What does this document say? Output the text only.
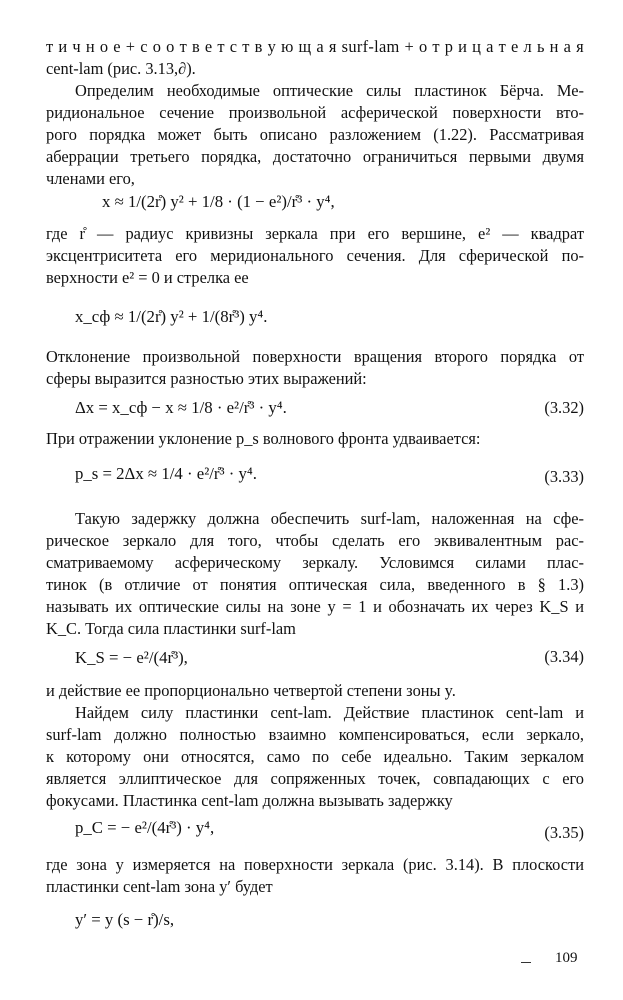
т и ч н о е + с о о т в е т с т в у ю щ а я surf-lam + о т р и ц а т е л ь н а я
cent-lam (рис. 3.13,∂).
Определим необходимые оптические силы пластинок Бёрча. Ме-
ридиональное сечение произвольной асферической поверхности вто-
рого порядка может быть описано разложением (1.22). Рассматривая
аберрации третьего порядка, достаточно ограничиться первыми двумя
членами его,
x ≈ 1/(2r̊) y² + 1/8 · (1 − e²)/r̊³ · y⁴,
где r̊ — радиус кривизны зеркала при его вершине, e² — квадрат
эксцентриситета его меридионального сечения. Для сферической по-
верхности e² = 0 и стрелка ее
x_сф ≈ 1/(2r̊) y² + 1/(8r̊³) y⁴.
Отклонение произвольной поверхности вращения второго порядка от
сферы выразится разностью этих выражений:
Δx = x_сф − x ≈ 1/8 · e²/r̊³ · y⁴.	(3.32)
При отражении уклонение p_s волнового фронта удваивается:
p_s = 2Δx ≈ 1/4 · e²/r̊³ · y⁴.	(3.33)
Такую задержку должна обеспечить surf-lam, наложенная на сфе-
рическое зеркало для того, чтобы сделать его эквивалентным рас-
сматриваемому асферическому зеркалу. Условимся силами плас-
тинок (в отличие от понятия оптическая сила, введенного в § 1.3)
называть их оптические силы на зоне y = 1 и обозначать их через K_S и
K_C. Тогда сила пластинки surf-lam
K_S = − e²/(4r̊³),	(3.34)
и действие ее пропорционально четвертой степени зоны y.
Найдем силу пластинки cent-lam. Действие пластинок cent-lam и
surf-lam должно полностью взаимно компенсироваться, если зеркало,
к которому они относятся, само по себе идеально. Таким зеркалом
является эллиптическое для сопряженных точек, совпадающих с его
фокусами. Пластинка cent-lam должна вызывать задержку
p_C = − e²/(4r̊³) · y⁴,	(3.35)
где зона y измеряется на поверхности зеркала (рис. 3.14). В плоскости
пластинки cent-lam зона y′ будет
y′ = y (s − r̊)/s,
109
